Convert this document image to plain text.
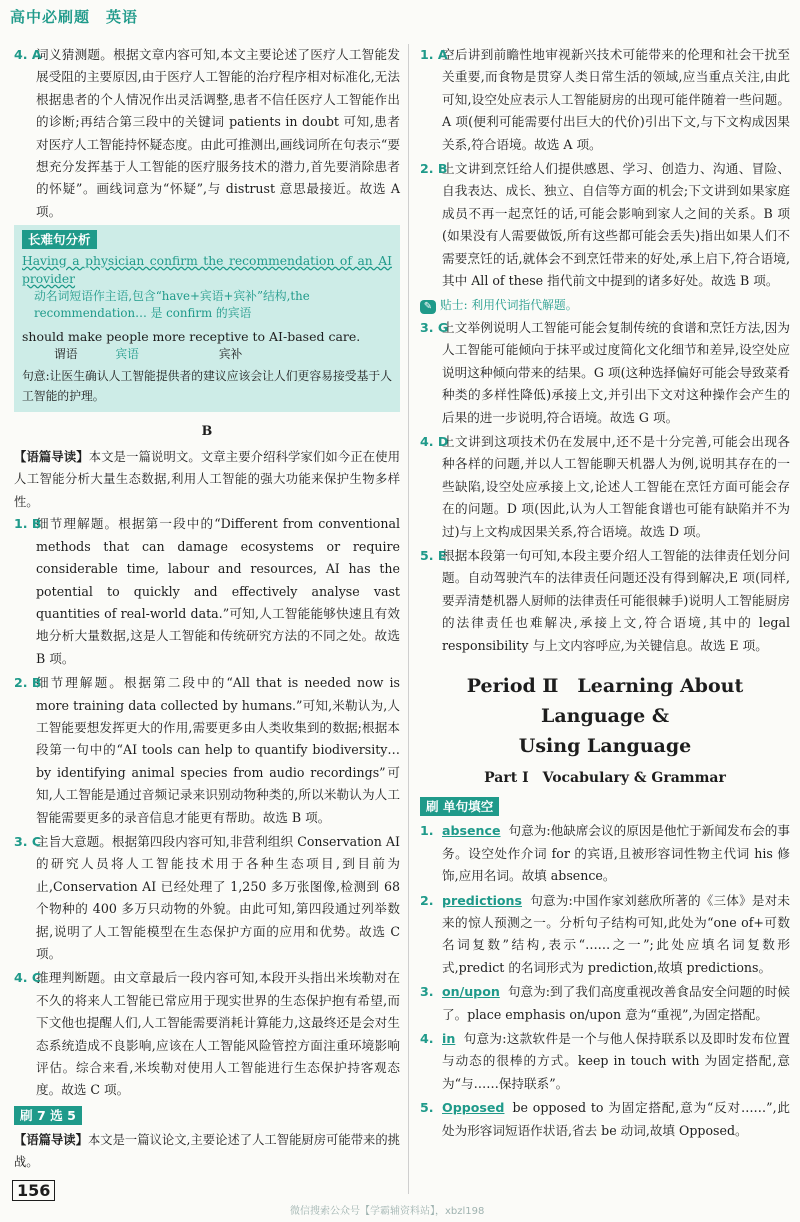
高中必刷题　英语
4. A

词义猜测题。根据文章内容可知,本文主要论述了医疗人工智能发展受阻的主要原因,由于医疗人工智能的治疗程序相对标准化,无法根据患者的个人情况作出灵活调整,患者不信任医疗人工智能作出的诊断;再结合第三段中的关键词 patients in doubt 可知,患者对医疗人工智能持怀疑态度。由此可推测出,画线词所在句表示“要想充分发挥基于人工智能的医疗服务技术的潜力,首先要消除患者的怀疑”。画线词意为“怀疑”,与 distrust 意思最接近。故选 A 项。

长难句分析
Having a physician confirm the recommendation of an AI provider
动名词短语作主语,包含“have+宾语+宾补”结构,the
recommendation… 是 confirm 的宾语
should make people more receptive to AI-based care.
谓语	宾语	宾补
句意:让医生确认人工智能提供者的建议应该会让人们更容易接受基于人工智能的护理。
B

【语篇导读】本文是一篇说明文。文章主要介绍科学家们如今正在使用人工智能分析大量生态数据,利用人工智能的强大功能来保护生物多样性。

1. B

细节理解题。根据第一段中的“Different from conventional methods that can damage ecosystems or require considerable time, labour and resources, AI has the potential to quickly and effectively analyse vast quantities of real-world data.”可知,人工智能能够快速且有效地分析大量数据,这是人工智能和传统研究方法的不同之处。故选 B 项。

2. B

细节理解题。根据第二段中的“All that is needed now is more training data collected by humans.”可知,米勒认为,人工智能要想发挥更大的作用,需要更多由人类收集到的数据;根据本段第一句中的“AI tools can help to quantify biodiversity…by identifying animal species from audio recordings”可知,人工智能是通过音频记录来识别动物种类的,所以米勒认为人工智能需要更多的录音信息才能更有帮助。故选 B 项。

3. C

主旨大意题。根据第四段内容可知,非营利组织 Conservation AI 的研究人员将人工智能技术用于各种生态项目,到目前为止,Conservation AI 已经处理了 1,250 多万张图像,检测到 68 个物种的 400 多万只动物的外貌。由此可知,第四段通过列举数据,说明了人工智能模型在生态保护方面的应用和优势。故选 C 项。

4. C

推理判断题。由文章最后一段内容可知,本段开头指出米埃勒对在不久的将来人工智能已常应用于现实世界的生态保护抱有希望,而下文他也提醒人们,人工智能需要消耗计算能力,这最终还是会对生态系统造成不良影响,应该在人工智能风险管控方面注重环境影响评估。综合来看,米埃勒对使用人工智能进行生态保护持客观态度。故选 C 项。

刷 7 选 5

【语篇导读】本文是一篇议论文,主要论述了人工智能厨房可能带来的挑战。

1. A

空后讲到前瞻性地审视新兴技术可能带来的伦理和社会干扰至关重要,而食物是贯穿人类日常生活的领域,应当重点关注,由此可知,设空处应表示人工智能厨房的出现可能伴随着一些问题。A 项(便利可能需要付出巨大的代价)引出下文,与下文构成因果关系,符合语境。故选 A 项。

2. B

上文讲到烹饪给人们提供感恩、学习、创造力、沟通、冒险、自我表达、成长、独立、自信等方面的机会;下文讲到如果家庭成员不再一起烹饪的话,可能会影响到家人之间的关系。B 项(如果没有人需要做饭,所有这些都可能会丢失)指出如果人们不需要烹饪的话,就体会不到烹饪带来的好处,承上启下,符合语境,其中 All of these 指代前文中提到的诸多好处。故选 B 项。

✎ 贴士: 利用代词指代解题。
3. G

上文举例说明人工智能可能会复制传统的食谱和烹饪方法,因为人工智能可能倾向于抹平或过度简化文化细节和差异,设空处应说明这种倾向带来的结果。G 项(这种选择偏好可能会导致菜肴种类的多样性降低)承接上文,并引出下文对这种操作会产生的后果的进一步说明,符合语境。故选 G 项。

4. D

上文讲到这项技术仍在发展中,还不是十分完善,可能会出现各种各样的问题,并以人工智能聊天机器人为例,说明其存在的一些缺陷,设空处应承接上文,论述人工智能在烹饪方面可能会存在的问题。D 项(因此,认为人工智能食谱也可能有缺陷并不为过)与上文构成因果关系,符合语境。故选 D 项。

5. E

根据本段第一句可知,本段主要介绍人工智能的法律责任划分问题。自动驾驶汽车的法律责任问题还没有得到解决,E 项(同样,要弄清楚机器人厨师的法律责任可能很棘手)说明人工智能厨房的法律责任也难解决,承接上文,符合语境,其中的 legal responsibility 与上文内容呼应,为关键信息。故选 E 项。

Period Ⅱ　Learning About Language &
Using Language
Part Ⅰ　Vocabulary & Grammar
刷 单句填空
1. absence 句意为:他缺席会议的原因是他忙于新闻发布会的事务。设空处作介词 for 的宾语,且被形容词性物主代词 his 修饰,应用名词。故填 absence。

2. predictions 句意为:中国作家刘慈欣所著的《三体》是对未来的惊人预测之一。分析句子结构可知,此处为“one of+可数名词复数”结构,表示“……之一”;此处应填名词复数形式,predict 的名词形式为 prediction,故填 predictions。

3. on/upon 句意为:到了我们高度重视改善食品安全问题的时候了。place emphasis on/upon 意为“重视”,为固定搭配。

4. in 句意为:这款软件是一个与他人保持联系以及即时发布位置与动态的很棒的方式。keep in touch with 为固定搭配,意为“与……保持联系”。

5. Opposed be opposed to 为固定搭配,意为“反对……”,此处为形容词短语作状语,省去 be 动词,故填 Opposed。

156
微信搜索公众号【学霸辅资料站】，xbzl198
